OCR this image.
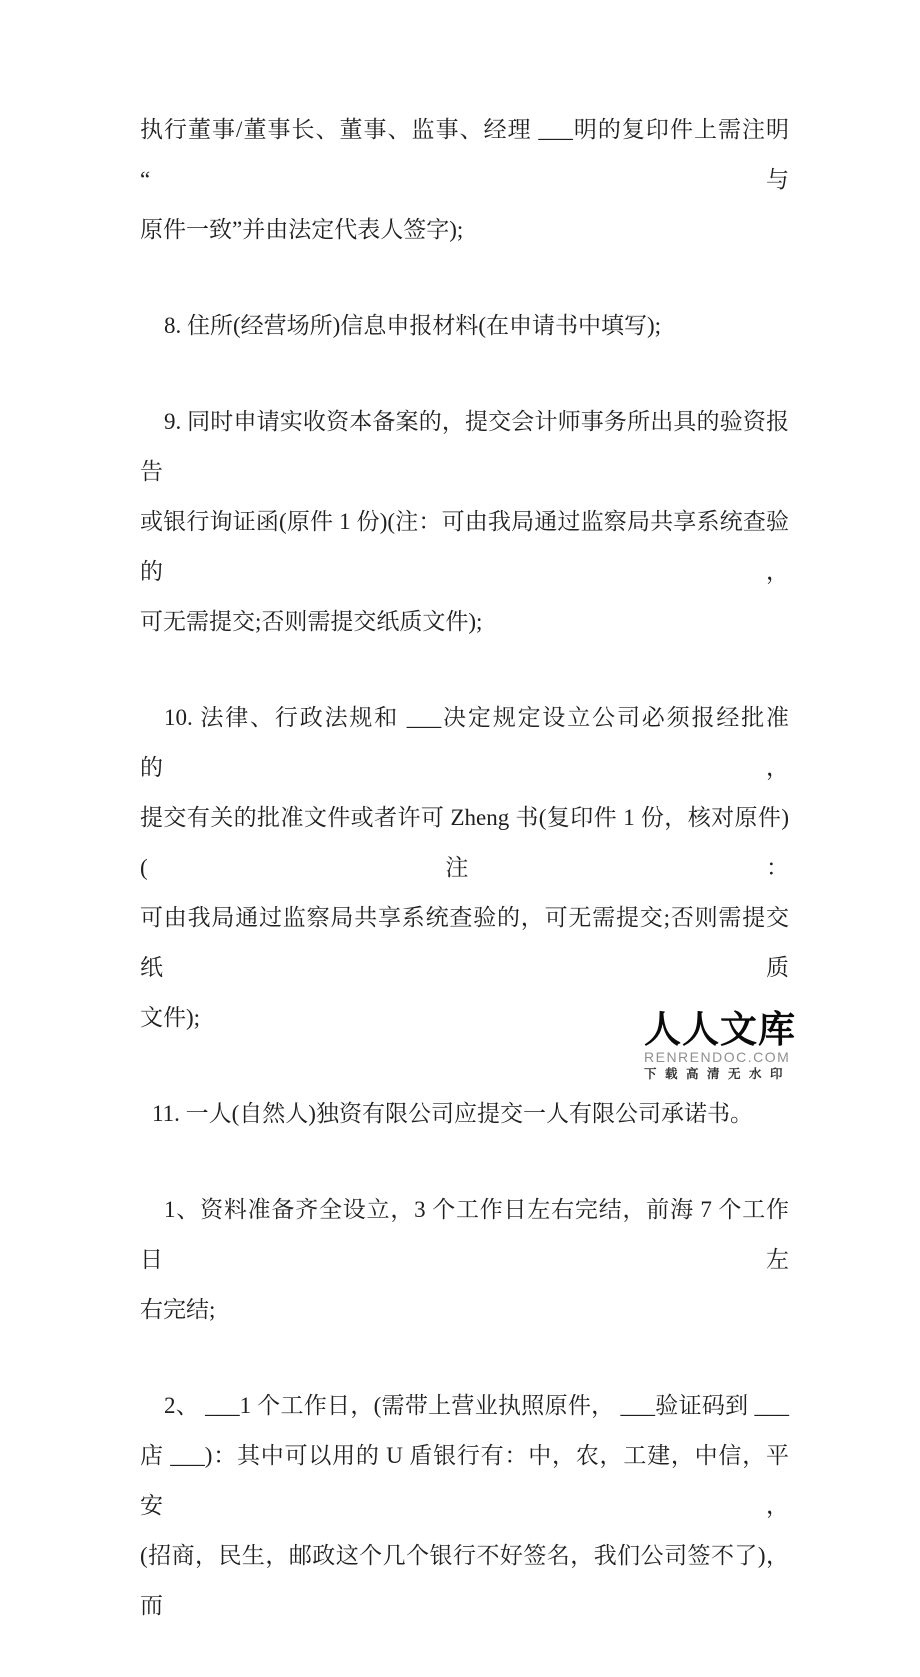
执行董事/董事长、董事、监事、经理 ___明的复印件上需注明“与
原件一致”并由法定代表人签字);

8. 住所(经营场所)信息申报材料(在申请书中填写);

9. 同时申请实收资本备案的，提交会计师事务所出具的验资报告
或银行询证函(原件 1 份)(注：可由我局通过监察局共享系统查验的，
可无需提交;否则需提交纸质文件);

10. 法律、行政法规和 ___决定规定设立公司必须报经批准的，
提交有关的批准文件或者许可 Zheng 书(复印件 1 份，核对原件)(注：
可由我局通过监察局共享系统查验的，可无需提交;否则需提交纸质
文件);

11. 一人(自然人)独资有限公司应提交一人有限公司承诺书。

1、资料准备齐全设立，3 个工作日左右完结，前海 7 个工作日左
右完结;

2、 ___1 个工作日，(需带上营业执照原件， ___验证码到 ___
店 ___)：其中可以用的 U 盾银行有：中，农，工建，中信，平安，
(招商，民生，邮政这个几个银行不好签名，我们公司签不了)，而

人人文库
RENRENDOC.COM
下载高清无水印
